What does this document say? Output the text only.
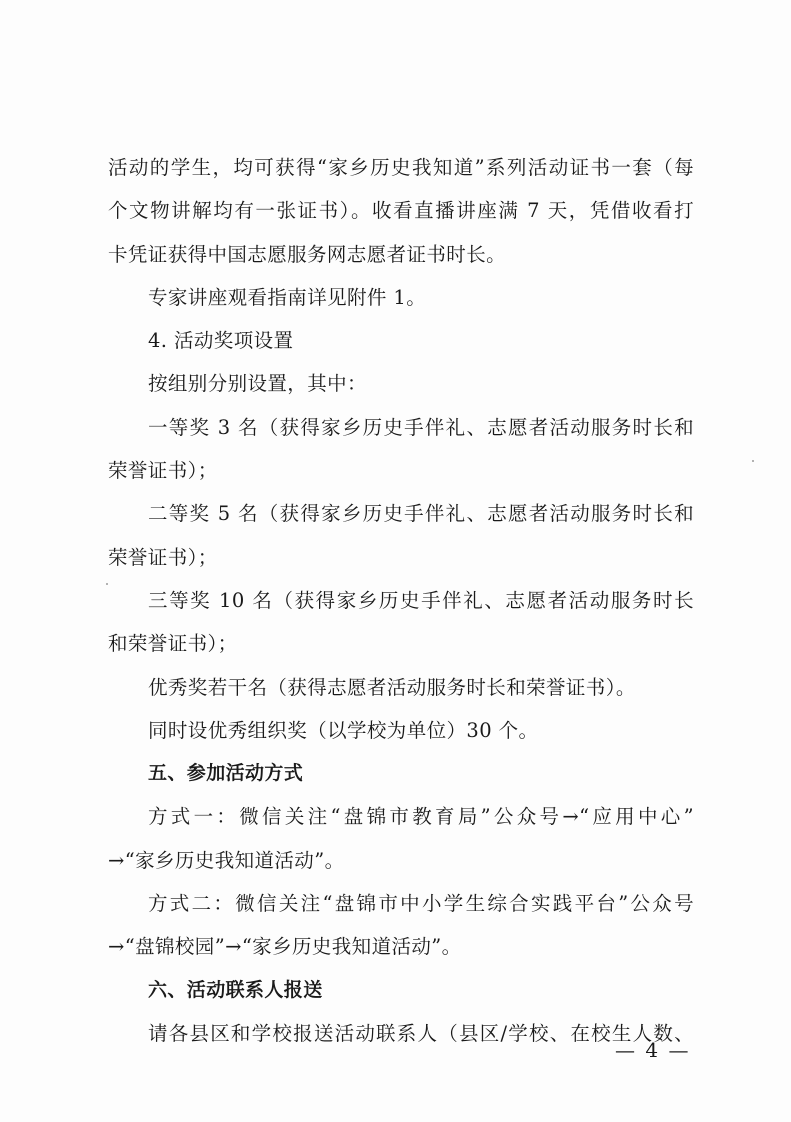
活动的学生，均可获得“家乡历史我知道”系列活动证书一套（每
个文物讲解均有一张证书）。收看直播讲座满 7 天，凭借收看打
卡凭证获得中国志愿服务网志愿者证书时长。
专家讲座观看指南详见附件 1。
4. 活动奖项设置
按组别分别设置，其中：
一等奖 3 名（获得家乡历史手伴礼、志愿者活动服务时长和
荣誉证书）；
二等奖 5 名（获得家乡历史手伴礼、志愿者活动服务时长和
荣誉证书）；
三等奖 10 名（获得家乡历史手伴礼、志愿者活动服务时长
和荣誉证书）；
优秀奖若干名（获得志愿者活动服务时长和荣誉证书）。
同时设优秀组织奖（以学校为单位）30 个。
五、参加活动方式
方式一：微信关注“盘锦市教育局”公众号→“应用中心”
→“家乡历史我知道活动”。
方式二：微信关注“盘锦市中小学生综合实践平台”公众号
→“盘锦校园”→“家乡历史我知道活动”。
六、活动联系人报送
请各县区和学校报送活动联系人（县区/学校、在校生人数、
— 4 —
